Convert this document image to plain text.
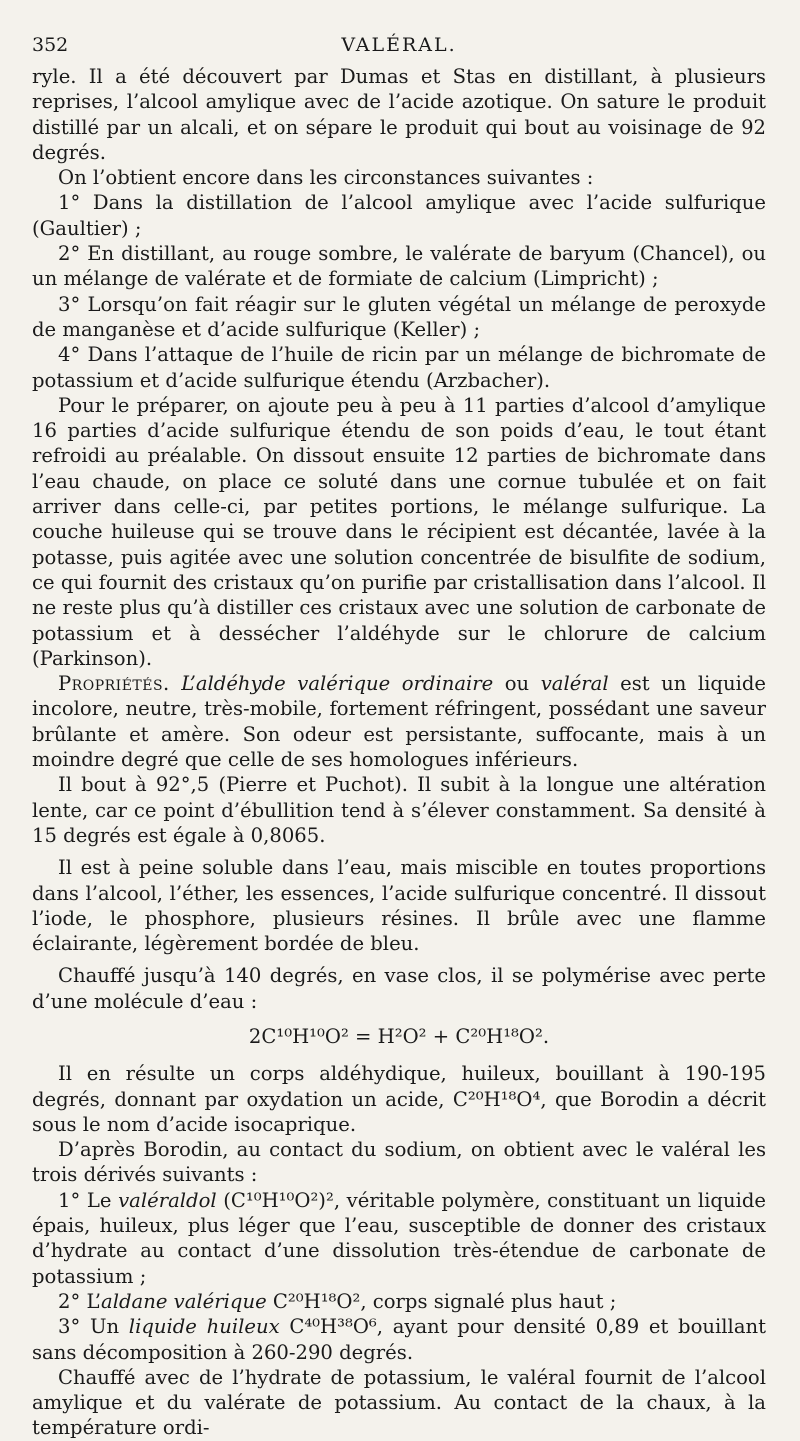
352	VALÉRAL.

ryle. Il a été découvert par Dumas et Stas en distillant, à plusieurs reprises, l’alcool amylique avec de l’acide azotique. On sature le produit distillé par un alcali, et on sépare le produit qui bout au voisinage de 92 degrés.

On l’obtient encore dans les circonstances suivantes :

1° Dans la distillation de l’alcool amylique avec l’acide sulfurique (Gaultier) ;

2° En distillant, au rouge sombre, le valérate de baryum (Chancel), ou un mélange de valérate et de formiate de calcium (Limpricht) ;

3° Lorsqu’on fait réagir sur le gluten végétal un mélange de peroxyde de manganèse et d’acide sulfurique (Keller) ;

4° Dans l’attaque de l’huile de ricin par un mélange de bichromate de potassium et d’acide sulfurique étendu (Arzbacher).

Pour le préparer, on ajoute peu à peu à 11 parties d’alcool d’amylique 16 parties d’acide sulfurique étendu de son poids d’eau, le tout étant refroidi au préalable. On dissout ensuite 12 parties de bichromate dans l’eau chaude, on place ce soluté dans une cornue tubulée et on fait arriver dans celle-ci, par petites portions, le mélange sulfurique. La couche huileuse qui se trouve dans le récipient est décantée, lavée à la potasse, puis agitée avec une solution concentrée de bisulfite de sodium, ce qui fournit des cristaux qu’on purifie par cristallisation dans l’alcool. Il ne reste plus qu’à distiller ces cristaux avec une solution de carbonate de potassium et à dessécher l’aldéhyde sur le chlorure de calcium (Parkinson).

Propriétés. L’aldéhyde valérique ordinaire ou valéral est un liquide incolore, neutre, très-mobile, fortement réfringent, possédant une saveur brûlante et amère. Son odeur est persistante, suffocante, mais à un moindre degré que celle de ses homologues inférieurs.

Il bout à 92°,5 (Pierre et Puchot). Il subit à la longue une altération lente, car ce point d’ébullition tend à s’élever constamment. Sa densité à 15 degrés est égale à 0,8065.

Il est à peine soluble dans l’eau, mais miscible en toutes proportions dans l’alcool, l’éther, les essences, l’acide sulfurique concentré. Il dissout l’iode, le phosphore, plusieurs résines. Il brûle avec une flamme éclairante, légèrement bordée de bleu.

Chauffé jusqu’à 140 degrés, en vase clos, il se polymérise avec perte d’une molécule d’eau :

2C¹⁰H¹⁰O² = H²O² + C²⁰H¹⁸O².

Il en résulte un corps aldéhydique, huileux, bouillant à 190-195 degrés, donnant par oxydation un acide, C²⁰H¹⁸O⁴, que Borodin a décrit sous le nom d’acide isocaprique.

D’après Borodin, au contact du sodium, on obtient avec le valéral les trois dérivés suivants :

1° Le valéraldol (C¹⁰H¹⁰O²)², véritable polymère, constituant un liquide épais, huileux, plus léger que l’eau, susceptible de donner des cristaux d’hydrate au contact d’une dissolution très-étendue de carbonate de potassium ;

2° L’aldane valérique C²⁰H¹⁸O², corps signalé plus haut ;

3° Un liquide huileux C⁴⁰H³⁸O⁶, ayant pour densité 0,89 et bouillant sans décomposition à 260-290 degrés.

Chauffé avec de l’hydrate de potassium, le valéral fournit de l’alcool amylique et du valérate de potassium. Au contact de la chaux, à la température ordi-
